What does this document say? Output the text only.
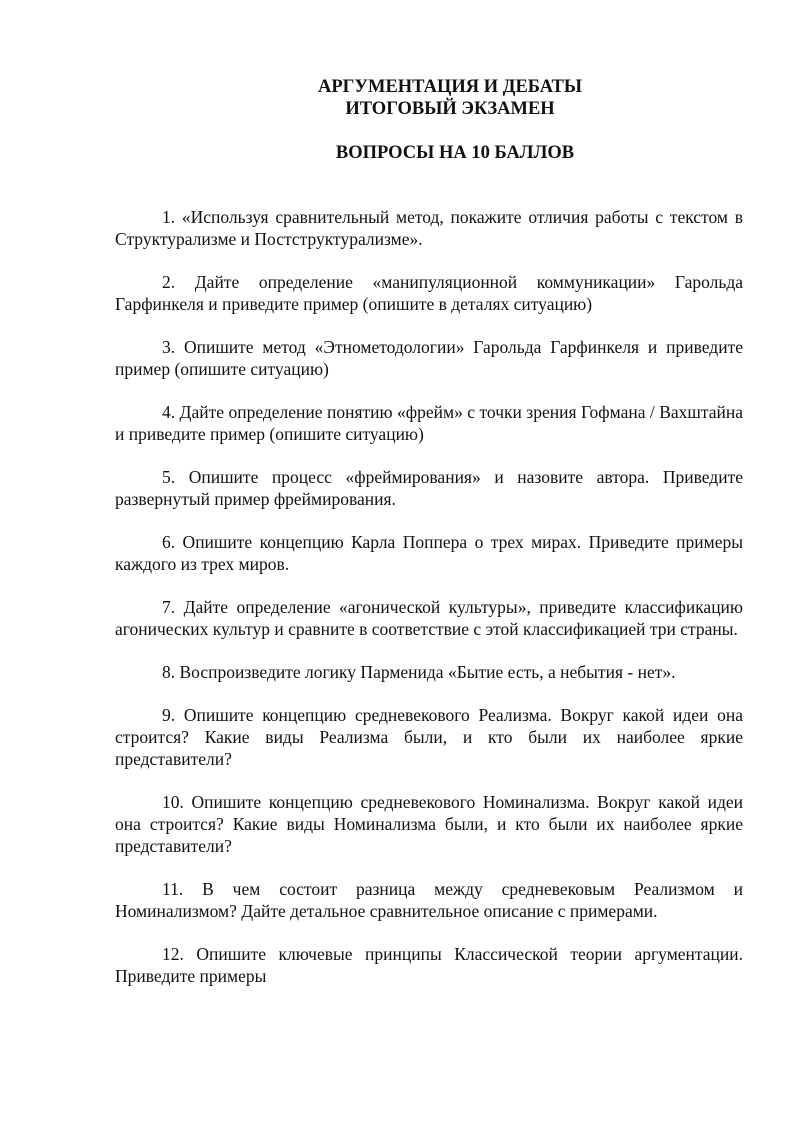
АРГУМЕНТАЦИЯ И ДЕБАТЫ

ИТОГОВЫЙ ЭКЗАМЕН

ВОПРОСЫ НА 10 БАЛЛОВ

1. «Используя сравнительный метод, покажите отличия работы с текстом в Структурализме и Постструктурализме».
2. Дайте определение «манипуляционной коммуникации» Гарольда Гарфинкеля и приведите пример (опишите в деталях ситуацию)
3. Опишите метод «Этнометодологии» Гарольда Гарфинкеля и приведите пример (опишите ситуацию)
4. Дайте определение понятию «фрейм» с точки зрения Гофмана / Вахштайна и приведите пример (опишите ситуацию)
5. Опишите процесс «фреймирования» и назовите автора. Приведите развернутый пример фреймирования.
6. Опишите концепцию Карла Поппера о трех мирах. Приведите примеры каждого из трех миров.
7. Дайте определение «агонической культуры», приведите классификацию агонических культур и сравните в соответствие с этой классификацией три страны.
8. Воспроизведите логику Парменида «Бытие есть, а небытия - нет».
9. Опишите концепцию средневекового Реализма. Вокруг какой идеи она строится? Какие виды Реализма были, и кто были их наиболее яркие представители?
10. Опишите концепцию средневекового Номинализма. Вокруг какой идеи она строится? Какие виды Номинализма были, и кто были их наиболее яркие представители?
11. В чем состоит разница между средневековым Реализмом и Номинализмом? Дайте детальное сравнительное описание с примерами.
12. Опишите ключевые принципы Классической теории аргументации. Приведите примеры
